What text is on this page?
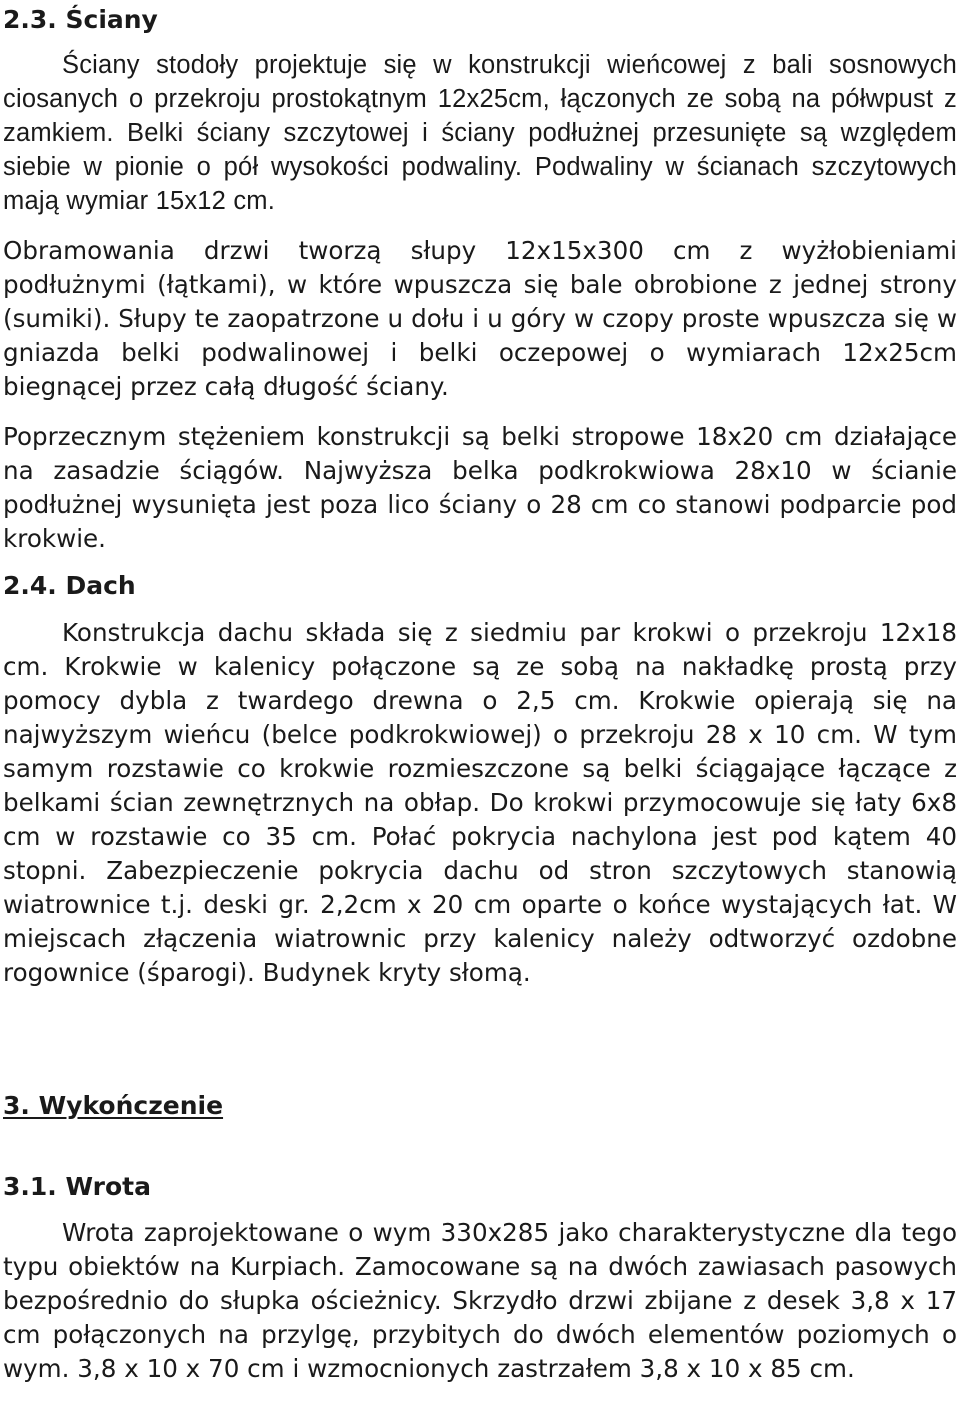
2.3. Ściany

Ściany stodoły projektuje się w konstrukcji wieńcowej z bali sosnowych ciosanych o przekroju prostokątnym 12x25cm, łączonych ze sobą na półwpust z zamkiem. Belki ściany szczytowej i ściany podłużnej przesunięte są względem siebie w pionie o pół wysokości podwaliny. Podwaliny w ścianach szczytowych mają wymiar 15x12 cm.

Obramowania drzwi tworzą słupy 12x15x300 cm z wyżłobieniami podłużnymi (łątkami), w które wpuszcza się bale obrobione z jednej strony (sumiki). Słupy te zaopatrzone u dołu i u góry w czopy proste wpuszcza się w gniazda belki podwalinowej i belki oczepowej o wymiarach 12x25cm biegnącej przez całą długość ściany.

Poprzecznym stężeniem konstrukcji są belki stropowe 18x20 cm działające na zasadzie ściągów. Najwyższa belka podkrokwiowa 28x10 w ścianie podłużnej wysunięta jest poza lico ściany o 28 cm co stanowi podparcie pod krokwie.

2.4. Dach

Konstrukcja dachu składa się z siedmiu par krokwi o przekroju 12x18 cm. Krokwie w kalenicy połączone są ze sobą na nakładkę prostą przy pomocy dybla z twardego drewna o 2,5 cm. Krokwie opierają się na najwyższym wieńcu (belce podkrokwiowej) o przekroju 28 x 10 cm. W tym samym rozstawie co krokwie rozmieszczone są belki ściągające łączące z belkami ścian zewnętrznych na obłap. Do krokwi przymocowuje się łaty 6x8 cm w rozstawie co 35 cm. Połać pokrycia nachylona jest pod kątem 40 stopni. Zabezpieczenie pokrycia dachu od stron szczytowych stanowią wiatrownice t.j. deski gr. 2,2cm x 20 cm oparte o końce wystających łat. W miejscach złączenia wiatrownic przy kalenicy należy odtworzyć ozdobne rogownice (śparogi). Budynek kryty słomą.

3. Wykończenie
3.1. Wrota

Wrota zaprojektowane o wym 330x285 jako charakterystyczne dla tego typu obiektów na Kurpiach. Zamocowane są na dwóch zawiasach pasowych bezpośrednio do słupka ościeżnicy. Skrzydło drzwi zbijane z desek 3,8 x 17 cm połączonych na przylgę, przybitych do dwóch elementów poziomych o wym. 3,8 x 10 x 70 cm i wzmocnionych zastrzałem 3,8 x 10 x 85 cm.
